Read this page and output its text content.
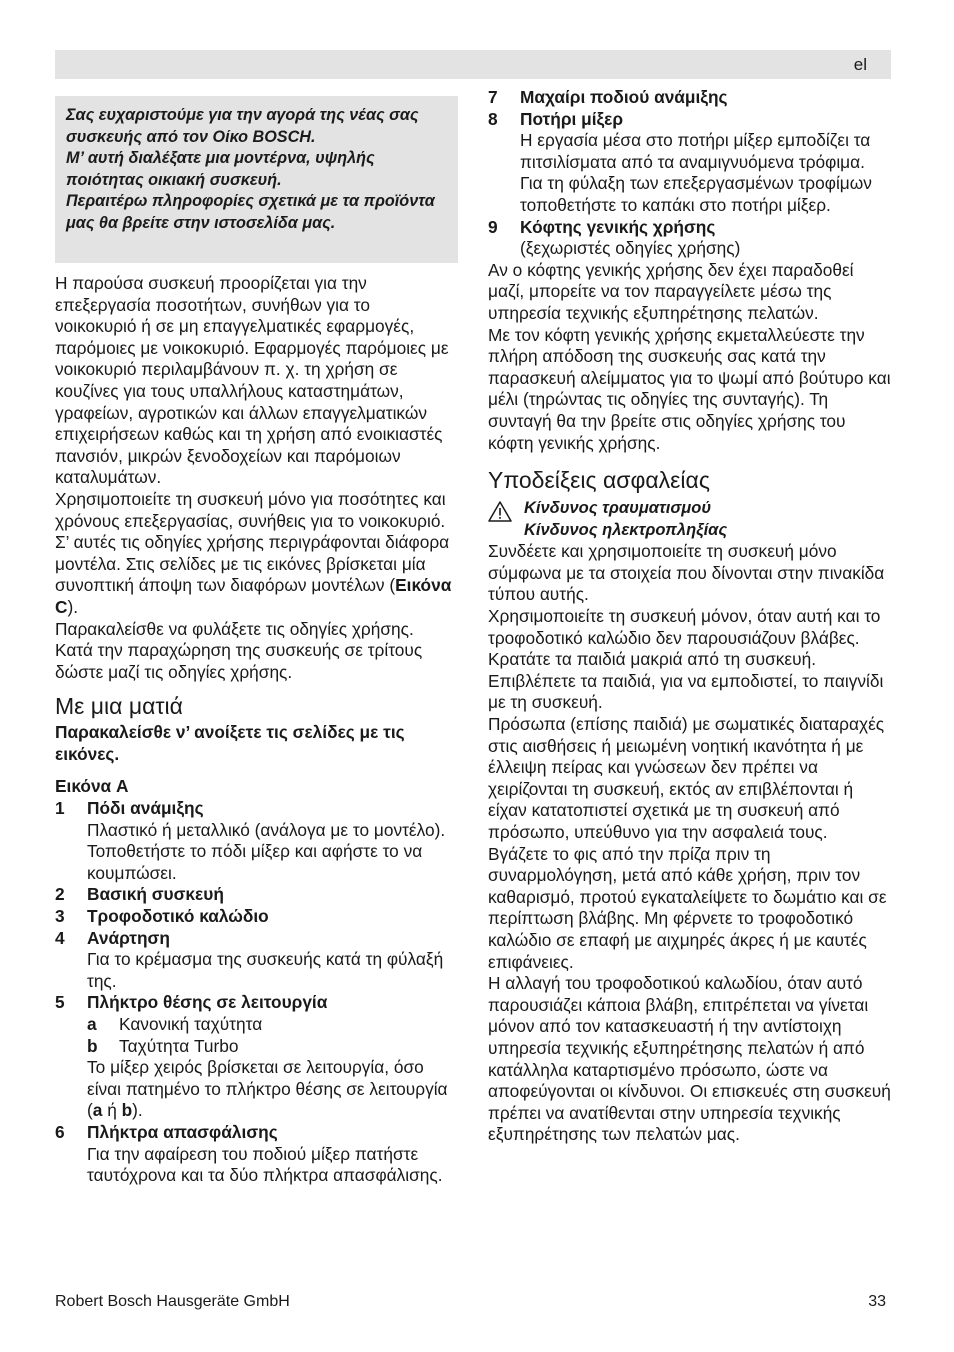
el

Σας ευχαριστούμε για την αγορά της νέας σας συσκευής από τον Οίκο BOSCH.

Μ’ αυτή διαλέξατε μια μοντέρνα, υψηλής ποιότητας οικιακή συσκευή.

Περαιτέρω πληροφορίες σχετικά με τα προϊόντα μας θα βρείτε στην ιστοσελίδα μας.

Η παρούσα συσκευή προορίζεται για την επεξεργασία ποσοτήτων, συνήθων για το νοικοκυριό ή σε μη επαγγελματικές εφαρμογές, παρόμοιες με νοικοκυριό. Εφαρμογές παρόμοιες με νοικοκυριό περιλαμβάνουν π. χ. τη χρήση σε κουζίνες για τους υπαλλήλους καταστημάτων, γραφείων, αγροτικών και άλλων επαγγελματικών επιχειρήσεων καθώς και τη χρήση από ενοικιαστές πανσιόν, μικρών ξενοδοχείων και παρόμοιων καταλυμάτων.

Χρησιμοποιείτε τη συσκευή μόνο για ποσότητες και χρόνους επεξεργασίας, συνήθεις για το νοικοκυριό.

Σ’ αυτές τις οδηγίες χρήσης περιγράφονται διάφορα μοντέλα. Στις σελίδες με τις εικόνες βρίσκεται μία συνοπτική άποψη των διαφόρων μοντέλων (Εικόνα C).

Παρακαλείσθε να φυλάξετε τις οδηγίες χρήσης. Κατά την παραχώρηση της συσκευής σε τρίτους δώστε μαζί τις οδηγίες χρήσης.

Με μια ματιά

Παρακαλείσθε ν’ ανοίξετε τις σελίδες με τις εικόνες.

Εικόνα A

1	Πόδι ανάμιξης

Πλαστικό ή μεταλλικό (ανάλογα με το μοντέλο). Τοποθετήστε το πόδι μίξερ και αφήστε το να κουμπώσει.

2	Βασική συσκευή
3	Τροφοδοτικό καλώδιο
4	Ανάρτηση

Για το κρέμασμα της συσκευής κατά τη φύλαξή της.

5	Πλήκτρο θέσης σε λειτουργία
a	Κανονική ταχύτητα
b	Ταχύτητα Turbo

Το μίξερ χειρός βρίσκεται σε λειτουργία, όσο είναι πατημένο το πλήκτρο θέσης σε λειτουργία (a ή b).

6	Πλήκτρα απασφάλισης

Για την αφαίρεση του ποδιού μίξερ πατήστε ταυτόχρονα και τα δύο πλήκτρα απασφάλισης.

7	Μαχαίρι ποδιού ανάμιξης
8	Ποτήρι μίξερ

Η εργασία μέσα στο ποτήρι μίξερ εμποδίζει τα πιτσιλίσματα από τα αναμιγνυόμενα τρόφιμα.

Για τη φύλαξη των επεξεργασμένων τροφίμων τοποθετήστε το καπάκι στο ποτήρι μίξερ.

9	Κόφτης γενικής χρήσης

(ξεχωριστές οδηγίες χρήσης)

Αν ο κόφτης γενικής χρήσης δεν έχει παραδοθεί μαζί, μπορείτε να τον παραγγείλετε μέσω της υπηρεσία τεχνικής εξυπηρέτησης πελατών.

Με τον κόφτη γενικής χρήσης εκμεταλλεύεστε την πλήρη απόδοση της συσκευής σας κατά την παρασκευή αλείμματος για το ψωμί από βούτυρο και μέλι (τηρώντας τις οδηγίες της συνταγής). Τη συνταγή θα την βρείτε στις οδηγίες χρήσης του κόφτη γενικής χρήσης.

Υποδείξεις ασφαλείας

Κίνδυνος τραυματισμού

Κίνδυνος ηλεκτροπληξίας

Συνδέετε και χρησιμοποιείτε τη συσκευή μόνο σύμφωνα με τα στοιχεία που δίνονται στην πινακίδα τύπου αυτής.

Χρησιμοποιείτε τη συσκευή μόνον, όταν αυτή και το τροφοδοτικό καλώδιο δεν παρουσιάζουν βλάβες.

Κρατάτε τα παιδιά μακριά από τη συσκευή.

Επιβλέπετε τα παιδιά, για να εμποδιστεί, το παιγνίδι με τη συσκευή.

Πρόσωπα (επίσης παιδιά) με σωματικές διαταραχές στις αισθήσεις ή μειωμένη νοητική ικανότητα ή με έλλειψη πείρας και γνώσεων δεν πρέπει να χειρίζονται τη συσκευή, εκτός αν επιβλέπονται ή είχαν κατατοπιστεί σχετικά με τη συσκευή από πρόσωπο, υπεύθυνο για την ασφαλειά τους.

Βγάζετε το φις από την πρίζα πριν τη συναρμολόγηση, μετά από κάθε χρήση, πριν τον καθαρισμό, προτού εγκαταλείψετε το δωμάτιο και σε περίπτωση βλάβης. Μη φέρνετε το τροφοδοτικό καλώδιο σε επαφή με αιχμηρές άκρες ή με καυτές επιφάνειες.

Η αλλαγή του τροφοδοτικού καλωδίου, όταν αυτό παρουσιάζει κάποια βλάβη, επιτρέπεται να γίνεται μόνον από τον κατασκευαστή ή την αντίστοιχη υπηρεσία τεχνικής εξυπηρέτησης πελατών ή από κατάλληλα καταρτισμένο πρόσωπο, ώστε να αποφεύγονται οι κίνδυνοι. Οι επισκευές στη συσκευή πρέπει να ανατίθενται στην υπηρεσία τεχνικής εξυπηρέτησης των πελατών μας.

Robert Bosch Hausgeräte GmbH	33
